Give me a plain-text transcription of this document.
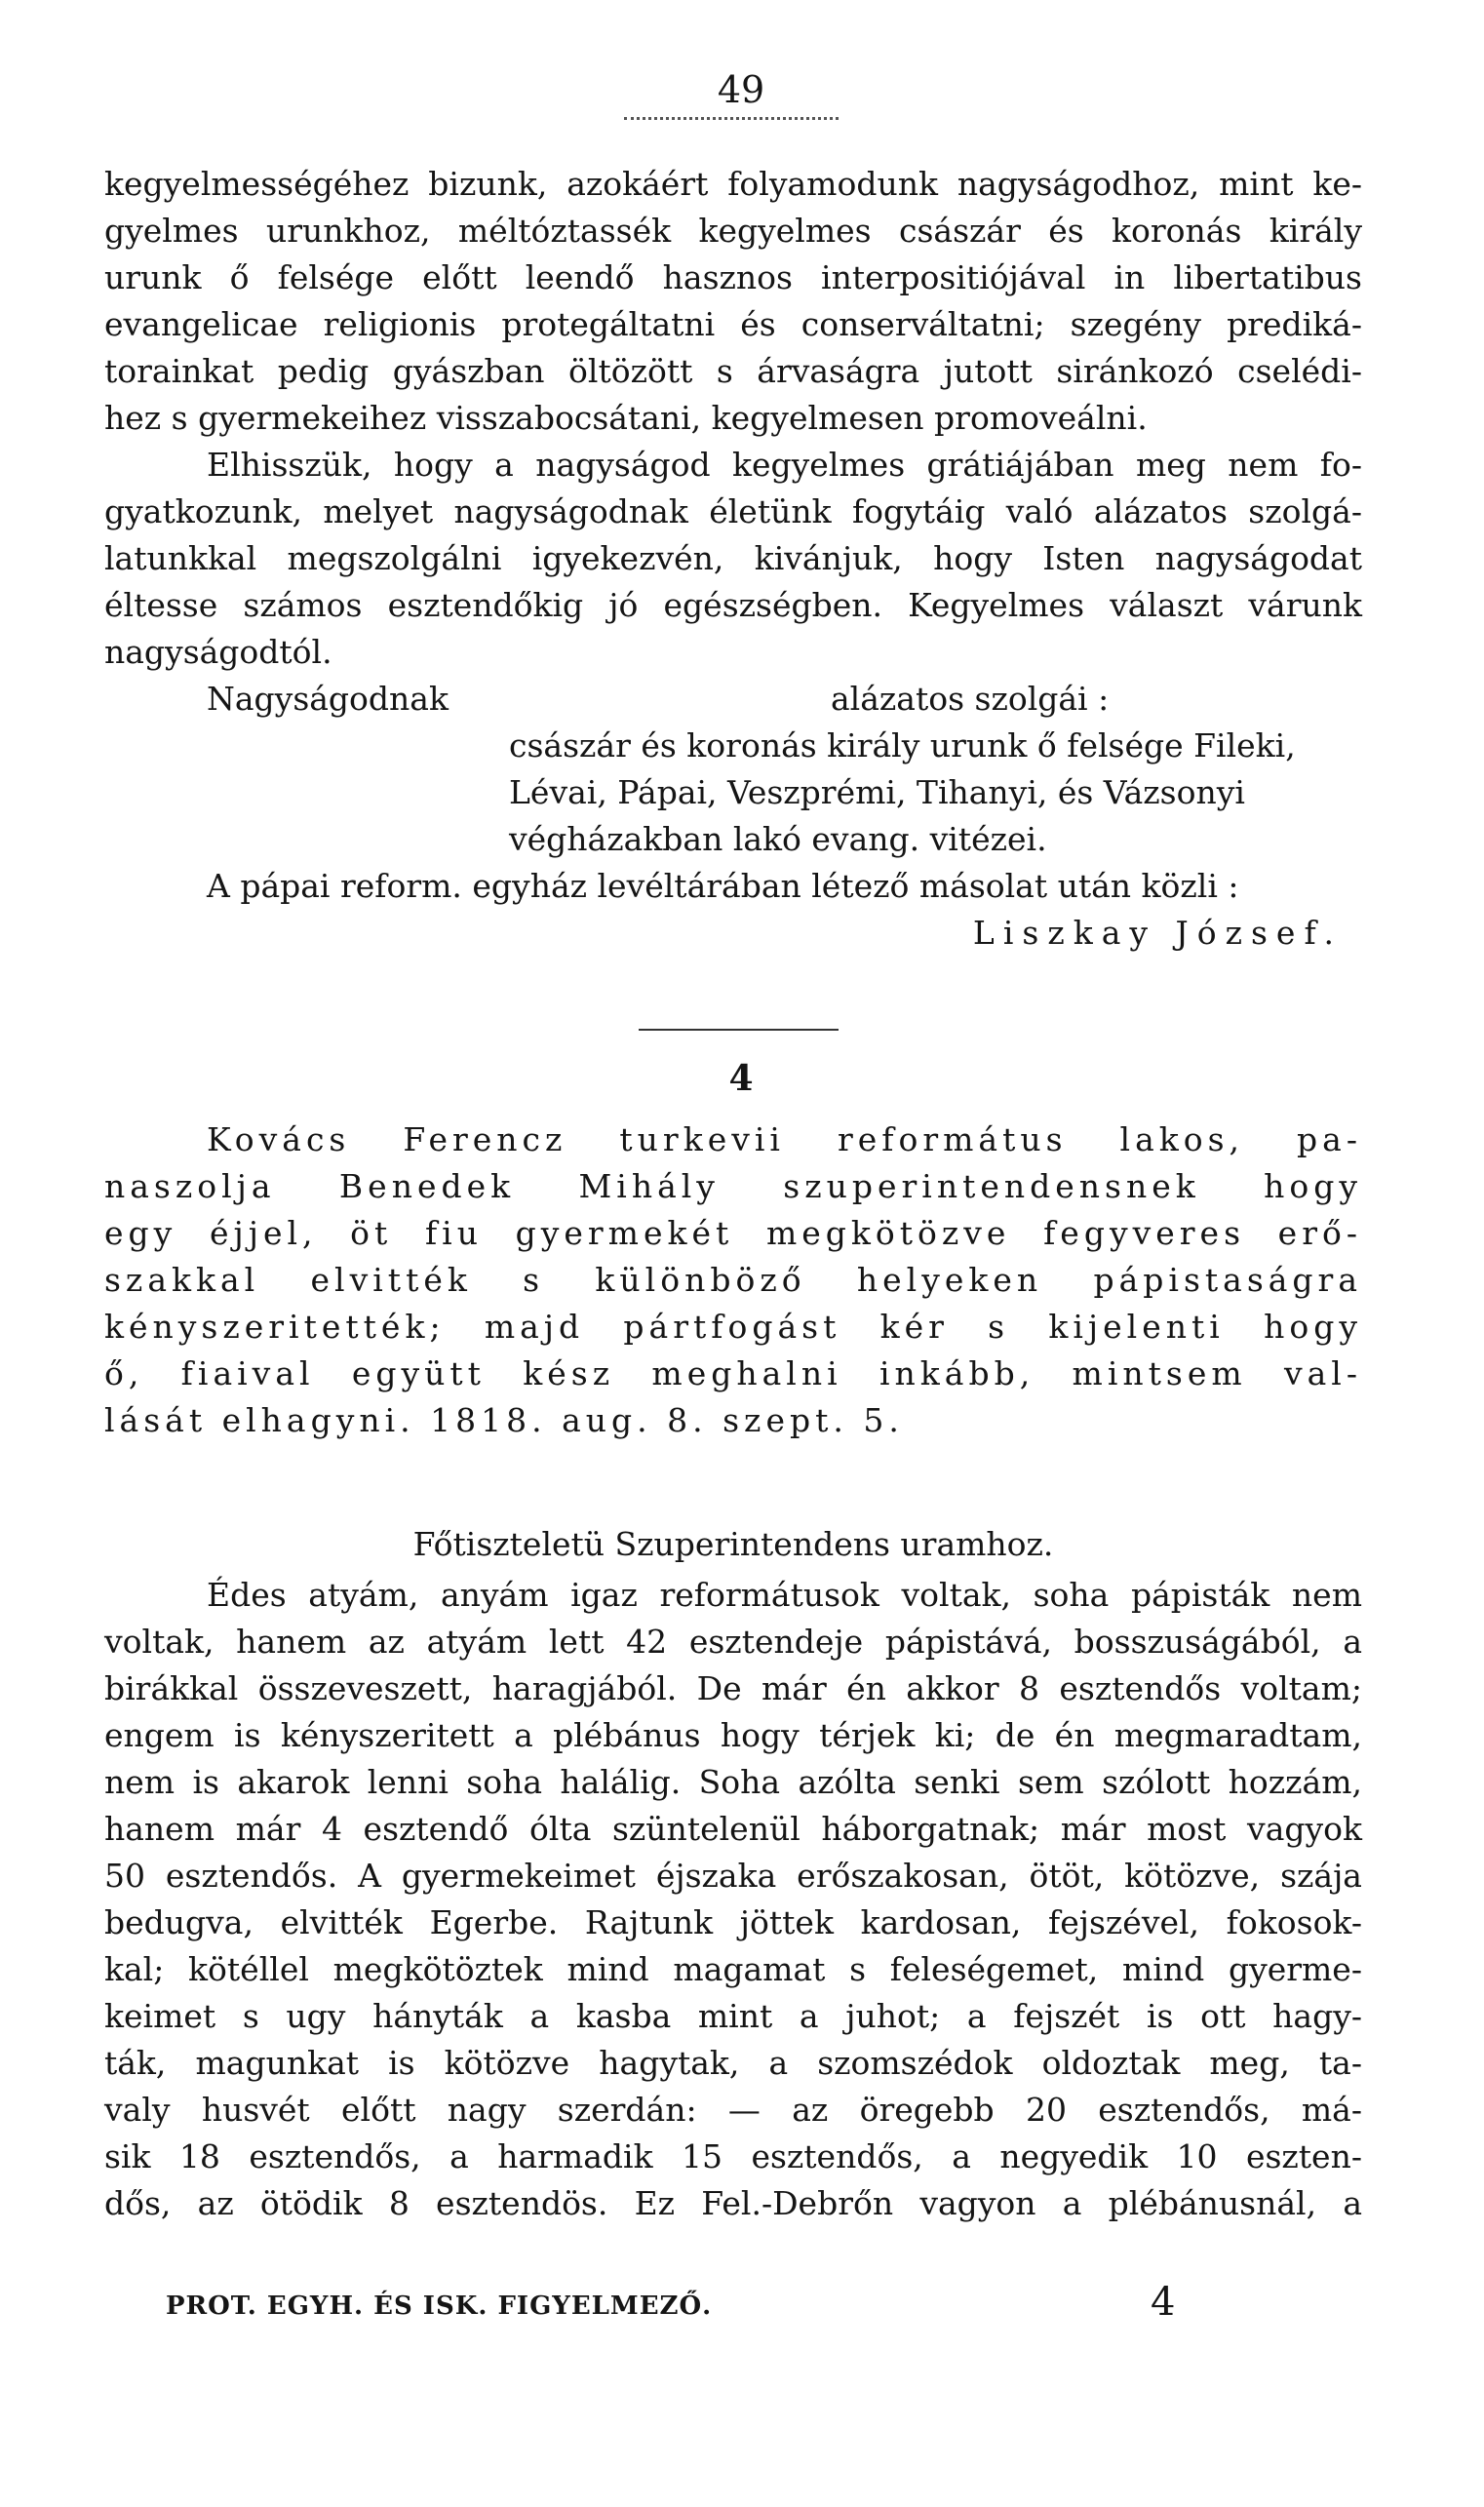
49
kegyelmességéhez bizunk, azokáért folyamodunk nagyságodhoz, mint ke-
gyelmes urunkhoz, méltóztassék kegyelmes császár és koronás király
urunk ő felsége előtt leendő hasznos interpositiójával in libertatibus
evangelicae religionis protegáltatni és conserváltatni; szegény prediká-
torainkat pedig gyászban öltözött s árvaságra jutott siránkozó cselédi-
hez s gyermekeihez visszabocsátani, kegyelmesen promoveálni.
Elhisszük, hogy a nagyságod kegyelmes grátiájában meg nem fo-
gyatkozunk, melyet nagyságodnak életünk fogytáig való alázatos szolgá-
latunkkal megszolgálni igyekezvén, kivánjuk, hogy Isten nagyságodat
éltesse számos esztendőkig jó egészségben. Kegyelmes választ várunk
nagyságodtól.
Nagyságodnak	alázatos szolgái :
császár és koronás király urunk ő felsége Fileki,
Lévai, Pápai, Veszprémi, Tihanyi, és Vázsonyi
végházakban lakó evang. vitézei.
A pápai reform. egyház levéltárában létező másolat után közli :
Liszkay József.
4
Kovács Ferencz turkevii református lakos, pa-
naszolja Benedek Mihály szuperintendensnek hogy
egy éjjel, öt fiu gyermekét megkötözve fegyveres erő-
szakkal elvitték s különböző helyeken pápistaságra
kényszeritették; majd pártfogást kér s kijelenti hogy
ő, fiaival együtt kész meghalni inkább, mintsem val-
lását elhagyni. 1818. aug. 8. szept. 5.
Főtiszteletü Szuperintendens uramhoz.
Édes atyám, anyám igaz reformátusok voltak, soha pápisták nem
voltak, hanem az atyám lett 42 esztendeje pápistává, bosszuságából, a
birákkal összeveszett, haragjából. De már én akkor 8 esztendős voltam;
engem is kényszeritett a plébánus hogy térjek ki; de én megmaradtam,
nem is akarok lenni soha halálig. Soha azólta senki sem szólott hozzám,
hanem már 4 esztendő ólta szüntelenül háborgatnak; már most vagyok
50 esztendős. A gyermekeimet éjszaka erőszakosan, ötöt, kötözve, szája
bedugva, elvitték Egerbe. Rajtunk jöttek kardosan, fejszével, fokosok-
kal; kötéllel megkötöztek mind magamat s feleségemet, mind gyerme-
keimet s ugy hányták a kasba mint a juhot; a fejszét is ott hagy-
ták, magunkat is kötözve hagytak, a szomszédok oldoztak meg, ta-
valy husvét előtt nagy szerdán: — az öregebb 20 esztendős, má-
sik 18 esztendős, a harmadik 15 esztendős, a negyedik 10 eszten-
dős, az ötödik 8 esztendös. Ez Fel.-Debrőn vagyon a plébánusnál, a
PROT. EGYH. ÉS ISK. FIGYELMEZŐ.	4
